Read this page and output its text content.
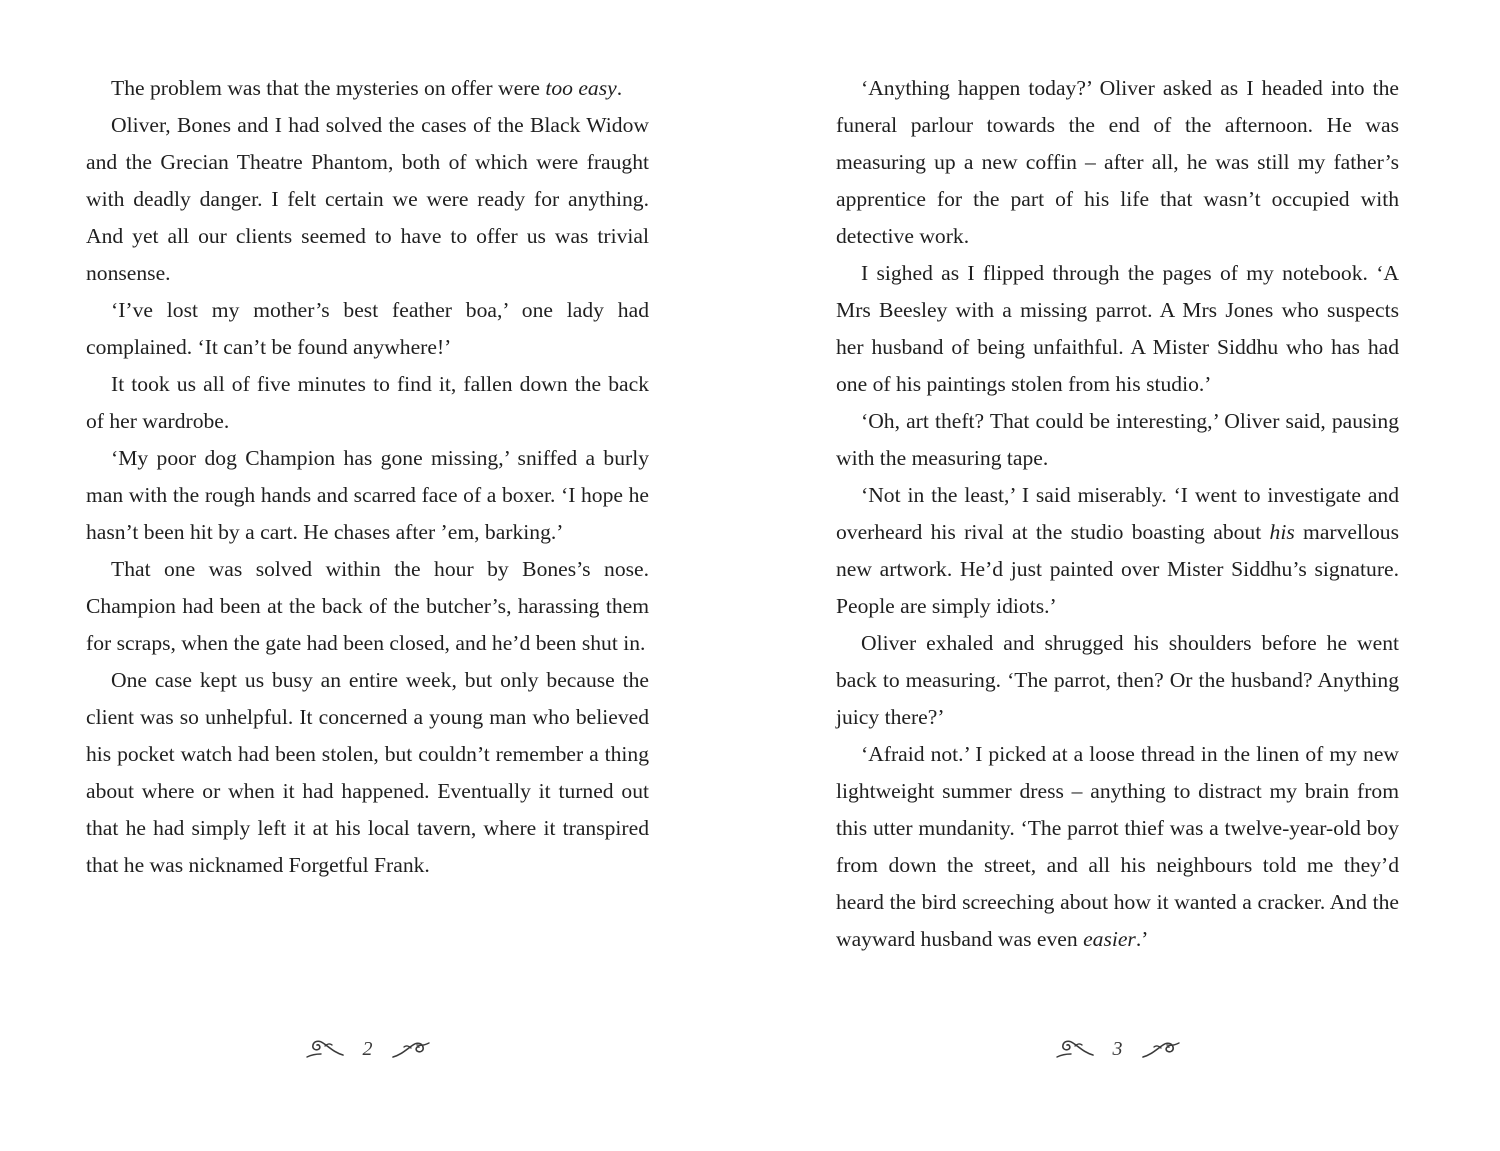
The problem was that the mysteries on offer were too easy.

Oliver, Bones and I had solved the cases of the Black Widow and the Grecian Theatre Phantom, both of which were fraught with deadly danger. I felt certain we were ready for anything. And yet all our clients seemed to have to offer us was trivial nonsense.

‘I’ve lost my mother’s best feather boa,’ one lady had complained. ‘It can’t be found anywhere!’

It took us all of five minutes to find it, fallen down the back of her wardrobe.

‘My poor dog Champion has gone missing,’ sniffed a burly man with the rough hands and scarred face of a boxer. ‘I hope he hasn’t been hit by a cart. He chases after ’em, barking.’

That one was solved within the hour by Bones’s nose. Champion had been at the back of the butcher’s, harassing them for scraps, when the gate had been closed, and he’d been shut in.

One case kept us busy an entire week, but only because the client was so unhelpful. It concerned a young man who believed his pocket watch had been stolen, but couldn’t remember a thing about where or when it had happened. Eventually it turned out that he had simply left it at his local tavern, where it transpired that he was nicknamed Forgetful Frank.

2

‘Anything happen today?’ Oliver asked as I headed into the funeral parlour towards the end of the afternoon. He was measuring up a new coffin – after all, he was still my father’s apprentice for the part of his life that wasn’t occupied with detective work.

I sighed as I flipped through the pages of my notebook. ‘A Mrs Beesley with a missing parrot. A Mrs Jones who suspects her husband of being unfaithful. A Mister Siddhu who has had one of his paintings stolen from his studio.’

‘Oh, art theft? That could be interesting,’ Oliver said, pausing with the measuring tape.

‘Not in the least,’ I said miserably. ‘I went to investigate and overheard his rival at the studio boasting about his marvellous new artwork. He’d just painted over Mister Siddhu’s signature. People are simply idiots.’

Oliver exhaled and shrugged his shoulders before he went back to measuring. ‘The parrot, then? Or the husband? Anything juicy there?’

‘Afraid not.’ I picked at a loose thread in the linen of my new lightweight summer dress – anything to distract my brain from this utter mundanity. ‘The parrot thief was a twelve-year-old boy from down the street, and all his neighbours told me they’d heard the bird screeching about how it wanted a cracker. And the wayward husband was even easier.’

3
